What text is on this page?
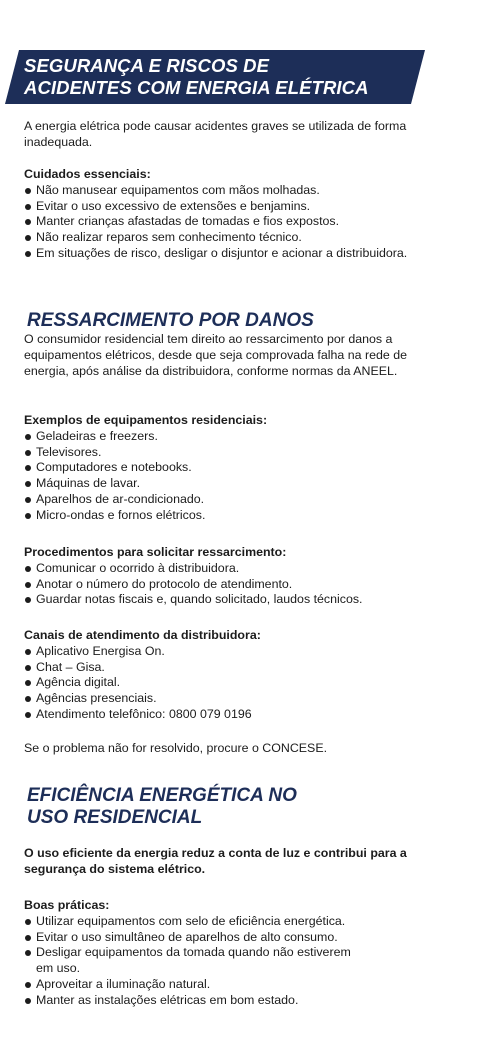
SEGURANÇA E RISCOS DE
ACIDENTES COM ENERGIA ELÉTRICA

A energia elétrica pode causar acidentes graves se utilizada de forma inadequada.

Cuidados essenciais:

Não manusear equipamentos com mãos molhadas.
Evitar o uso excessivo de extensões e benjamins.
Manter crianças afastadas de tomadas e fios expostos.
Não realizar reparos sem conhecimento técnico.
Em situações de risco, desligar o disjuntor e acionar a distribuidora.
RESSARCIMENTO POR DANOS

O consumidor residencial tem direito ao ressarcimento por danos a equipamentos elétricos, desde que seja comprovada falha na rede de energia, após análise da distribuidora, conforme normas da ANEEL.

Exemplos de equipamentos residenciais:

Geladeiras e freezers.
Televisores.
Computadores e notebooks.
Máquinas de lavar.
Aparelhos de ar-condicionado.
Micro-ondas e fornos elétricos.

Procedimentos para solicitar ressarcimento:

Comunicar o ocorrido à distribuidora.
Anotar o número do protocolo de atendimento.
Guardar notas fiscais e, quando solicitado, laudos técnicos.

Canais de atendimento da distribuidora:

Aplicativo Energisa On.
Chat – Gisa.
Agência digital.
Agências presenciais.
Atendimento telefônico: 0800 079 0196

Se o problema não for resolvido, procure o CONCESE.

EFICIÊNCIA ENERGÉTICA NO
USO RESIDENCIAL

O uso eficiente da energia reduz a conta de luz e contribui para a segurança do sistema elétrico.

Boas práticas:

Utilizar equipamentos com selo de eficiência energética.
Evitar o uso simultâneo de aparelhos de alto consumo.
Desligar equipamentos da tomada quando não estiverem em uso.
Aproveitar a iluminação natural.
Manter as instalações elétricas em bom estado.
